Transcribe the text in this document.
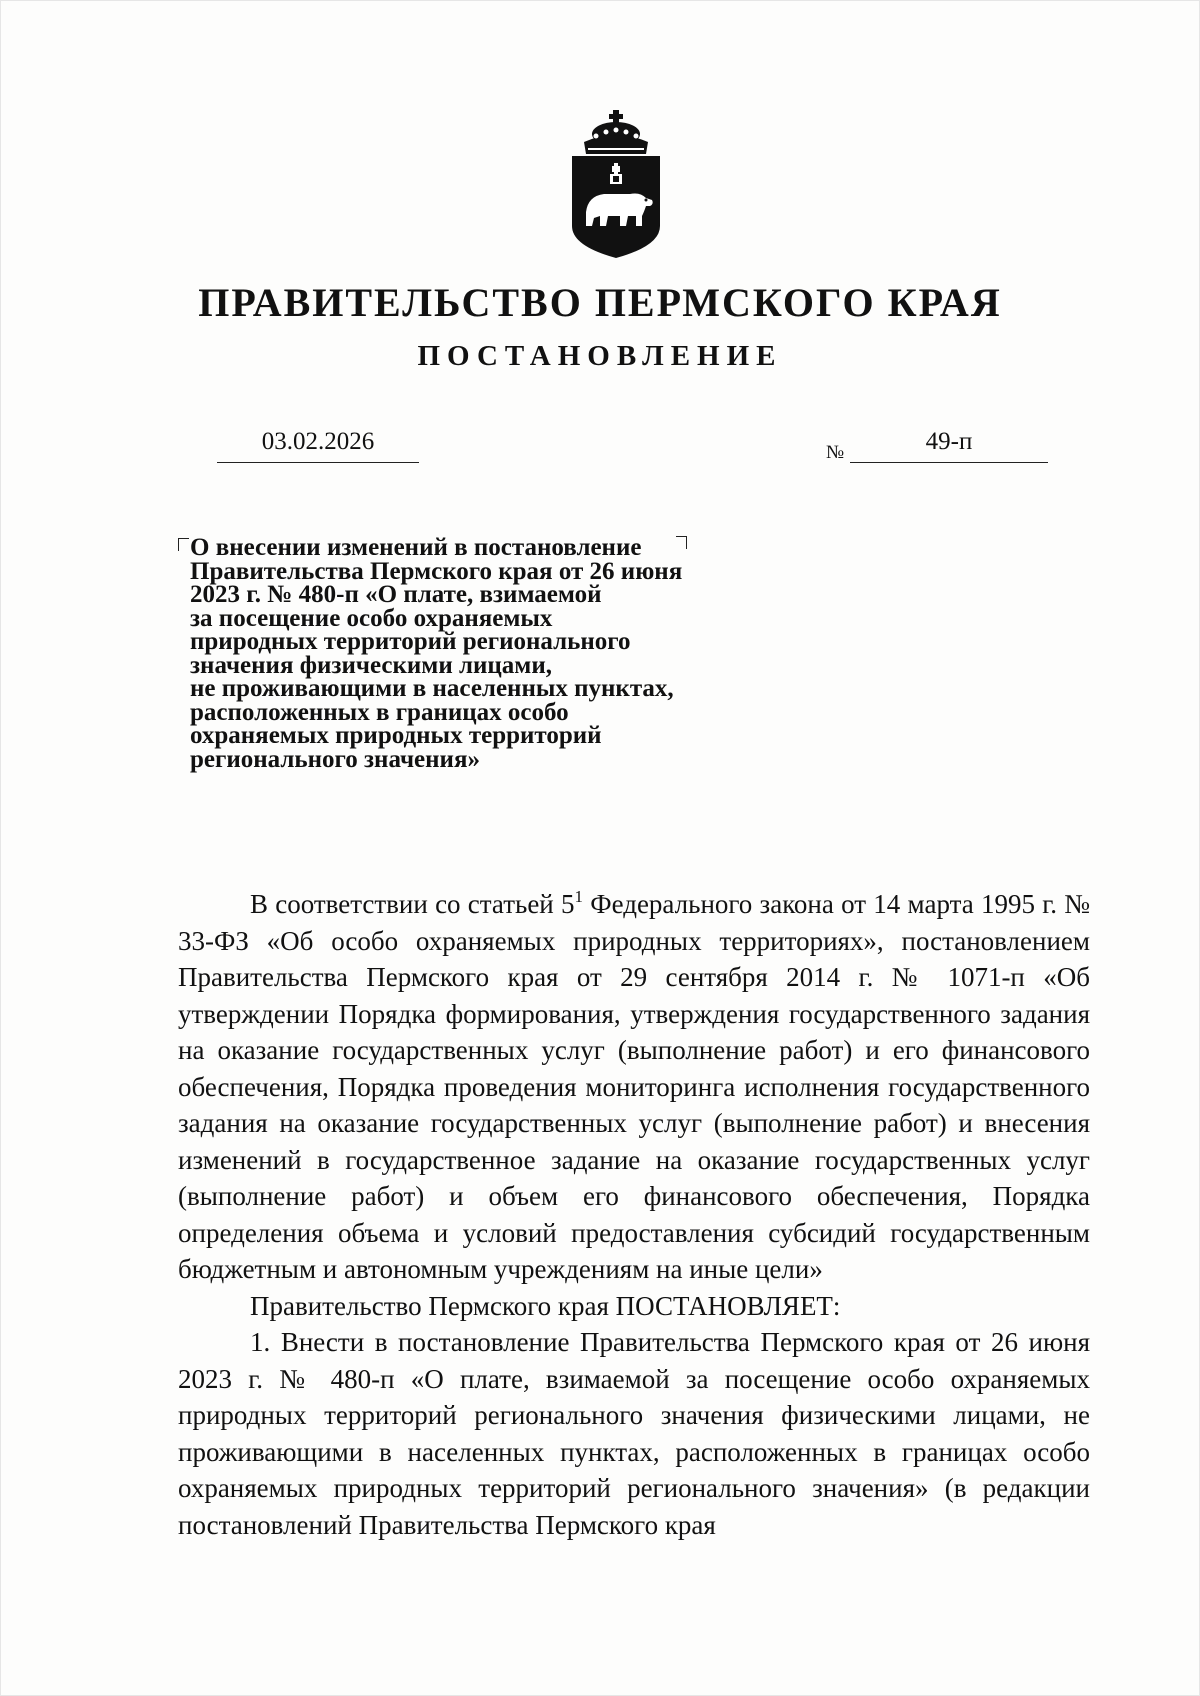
ПРАВИТЕЛЬСТВО ПЕРМСКОГО КРАЯ
ПОСТАНОВЛЕНИЕ
03.02.2026	№	49-п
О внесении изменений в постановление
Правительства Пермского края от 26 июня
2023 г. № 480-п «О плате, взимаемой
за посещение особо охраняемых
природных территорий регионального
значения физическими лицами,
не проживающими в населенных пунктах,
расположенных в границах особо
охраняемых природных территорий
регионального значения»

В соответствии со статьей $5^1$ Федерального закона от 14 марта 1995 г. № 33-ФЗ «Об особо охраняемых природных территориях», постановлением Правительства Пермского края от 29 сентября 2014 г. № 1071-п «Об утверждении Порядка формирования, утверждения государственного задания на оказание государственных услуг (выполнение работ) и его финансового обеспечения, Порядка проведения мониторинга исполнения государственного задания на оказание государственных услуг (выполнение работ) и внесения изменений в государственное задание на оказание государственных услуг (выполнение работ) и объем его финансового обеспечения, Порядка определения объема и условий предоставления субсидий государственным бюджетным и автономным учреждениям на иные цели»

Правительство Пермского края ПОСТАНОВЛЯЕТ:

1. Внести в постановление Правительства Пермского края от 26 июня 2023 г. № 480-п «О плате, взимаемой за посещение особо охраняемых природных территорий регионального значения физическими лицами, не проживающими в населенных пунктах, расположенных в границах особо охраняемых природных территорий регионального значения» (в редакции постановлений Правительства Пермского края
